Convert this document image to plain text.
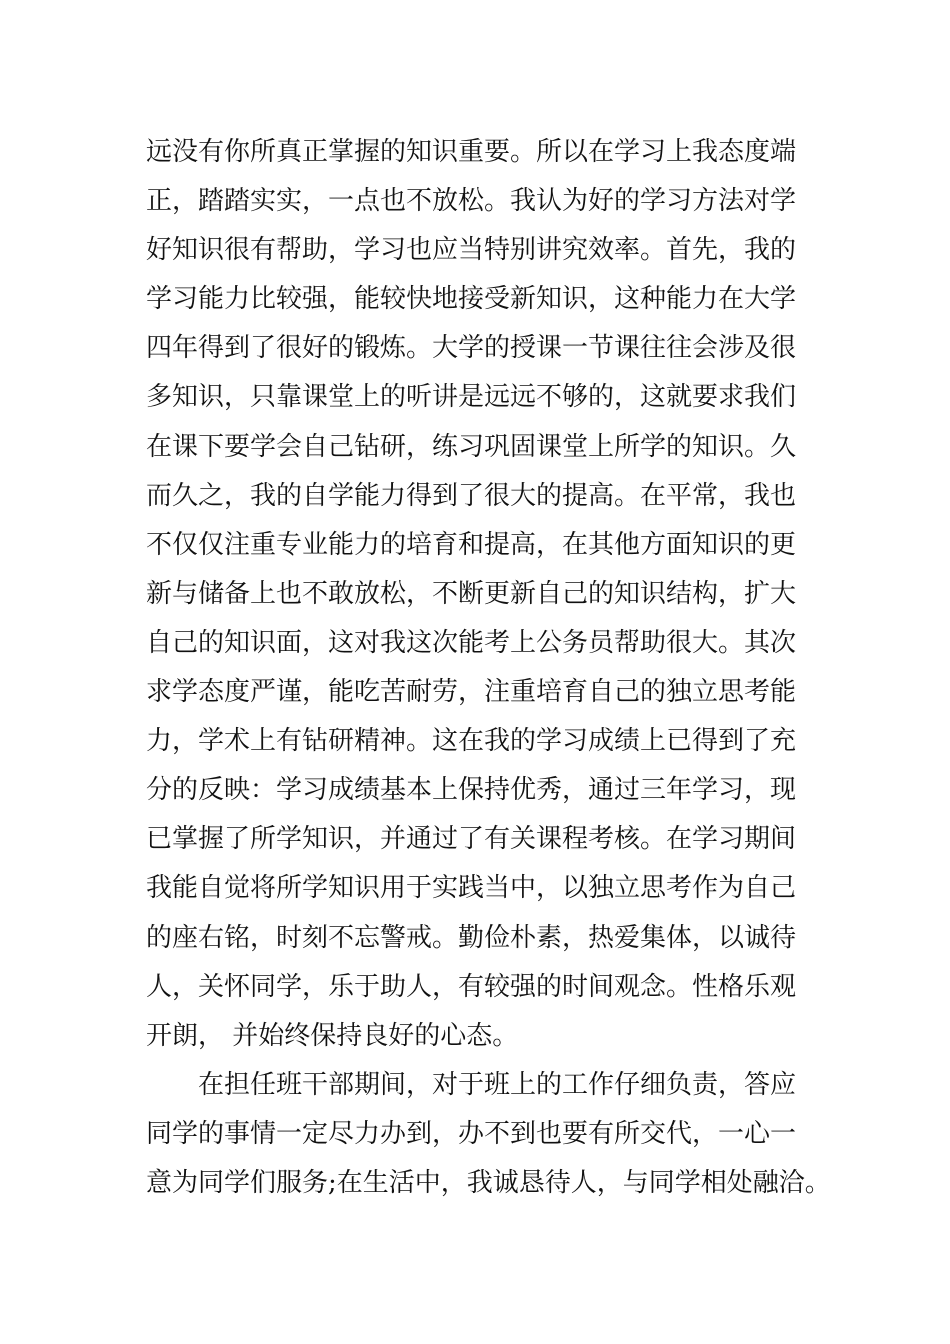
远没有你所真正掌握的知识重要。所以在学习上我态度端
正，踏踏实实，一点也不放松。我认为好的学习方法对学
好知识很有帮助，学习也应当特别讲究效率。首先，我的
学习能力比较强，能较快地接受新知识，这种能力在大学
四年得到了很好的锻炼。大学的授课一节课往往会涉及很
多知识，只靠课堂上的听讲是远远不够的，这就要求我们
在课下要学会自己钻研，练习巩固课堂上所学的知识。久
而久之，我的自学能力得到了很大的提高。在平常，我也
不仅仅注重专业能力的培育和提高，在其他方面知识的更
新与储备上也不敢放松，不断更新自己的知识结构，扩大
自己的知识面，这对我这次能考上公务员帮助很大。其次
求学态度严谨，能吃苦耐劳，注重培育自己的独立思考能
力，学术上有钻研精神。这在我的学习成绩上已得到了充
分的反映：学习成绩基本上保持优秀，通过三年学习，现
已掌握了所学知识，并通过了有关课程考核。在学习期间
我能自觉将所学知识用于实践当中，以独立思考作为自己
的座右铭，时刻不忘警戒。勤俭朴素，热爱集体，以诚待
人，关怀同学，乐于助人，有较强的时间观念。性格乐观
开朗， 并始终保持良好的心态。
在担任班干部期间，对于班上的工作仔细负责，答应
同学的事情一定尽力办到，办不到也要有所交代，一心一
意为同学们服务;在生活中，我诚恳待人，与同学相处融洽。
